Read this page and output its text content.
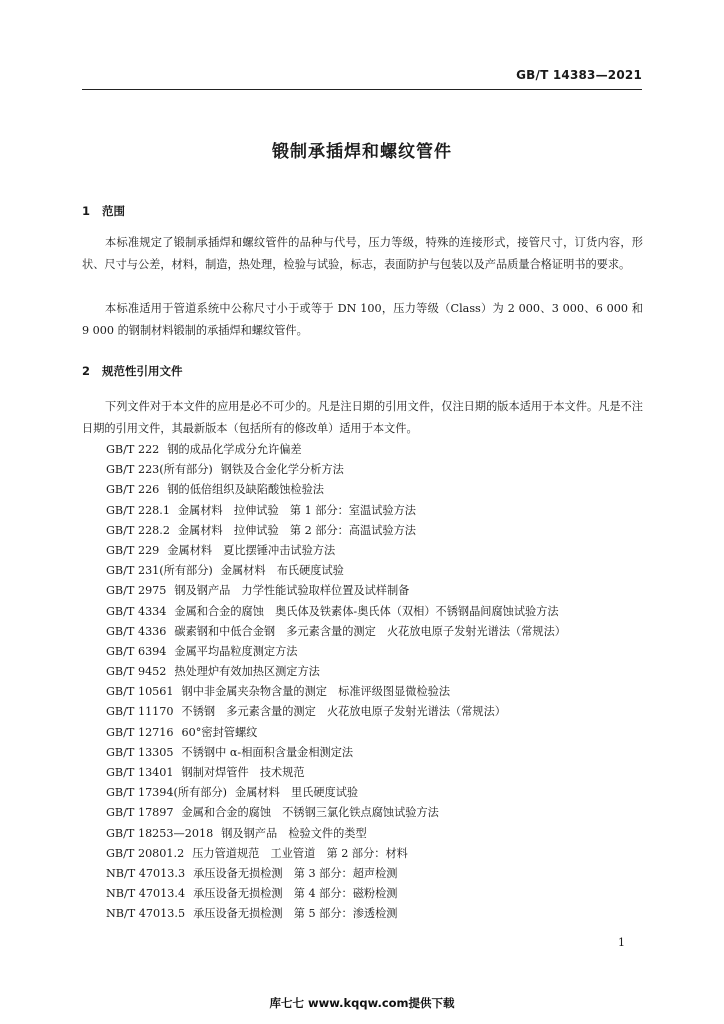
GB/T 14383—2021
锻制承插焊和螺纹管件
1 范围

本标准规定了锻制承插焊和螺纹管件的品种与代号，压力等级，特殊的连接形式，接管尺寸，订货内容，形状、尺寸与公差，材料，制造，热处理，检验与试验，标志，表面防护与包装以及产品质量合格证明书的要求。

本标准适用于管道系统中公称尺寸小于或等于 DN 100，压力等级（Class）为 2 000、3 000、6 000 和 9 000 的钢制材料锻制的承插焊和螺纹管件。

2 规范性引用文件

下列文件对于本文件的应用是必不可少的。凡是注日期的引用文件，仅注日期的版本适用于本文件。凡是不注日期的引用文件，其最新版本（包括所有的修改单）适用于本文件。

GB/T 222 钢的成品化学成分允许偏差
GB/T 223(所有部分) 钢铁及合金化学分析方法
GB/T 226 钢的低倍组织及缺陷酸蚀检验法
GB/T 228.1 金属材料　拉伸试验　第 1 部分：室温试验方法
GB/T 228.2 金属材料　拉伸试验　第 2 部分：高温试验方法
GB/T 229 金属材料　夏比摆锤冲击试验方法
GB/T 231(所有部分) 金属材料　布氏硬度试验
GB/T 2975 钢及钢产品　力学性能试验取样位置及试样制备
GB/T 4334 金属和合金的腐蚀　奥氏体及铁素体-奥氏体（双相）不锈钢晶间腐蚀试验方法
GB/T 4336 碳素钢和中低合金钢　多元素含量的测定　火花放电原子发射光谱法（常规法）
GB/T 6394 金属平均晶粒度测定方法
GB/T 9452 热处理炉有效加热区测定方法
GB/T 10561 钢中非金属夹杂物含量的测定　标准评级图显微检验法
GB/T 11170 不锈钢　多元素含量的测定　火花放电原子发射光谱法（常规法）
GB/T 12716 60°密封管螺纹
GB/T 13305 不锈钢中 α-相面积含量金相测定法
GB/T 13401 钢制对焊管件　技术规范
GB/T 17394(所有部分) 金属材料　里氏硬度试验
GB/T 17897 金属和合金的腐蚀　不锈钢三氯化铁点腐蚀试验方法
GB/T 18253—2018 钢及钢产品　检验文件的类型
GB/T 20801.2 压力管道规范　工业管道　第 2 部分：材料
NB/T 47013.3 承压设备无损检测　第 3 部分：超声检测
NB/T 47013.4 承压设备无损检测　第 4 部分：磁粉检测
NB/T 47013.5 承压设备无损检测　第 5 部分：渗透检测
1
库七七 www.kqqw.com提供下载
